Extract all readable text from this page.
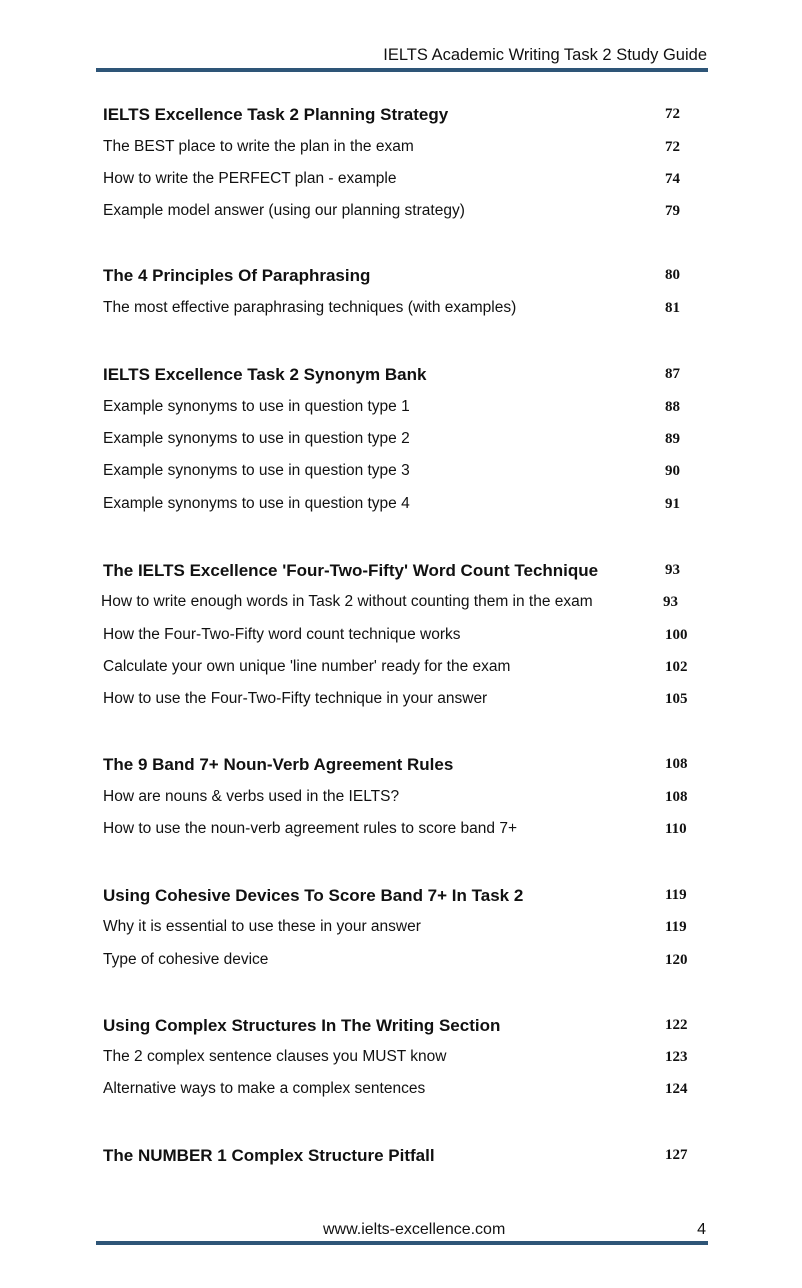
IELTS Academic Writing Task 2 Study Guide
IELTS Excellence Task 2 Planning Strategy	72
The BEST place to write the plan in the exam	72
How to write the PERFECT plan - example	74
Example model answer (using our planning strategy)	79
The 4 Principles Of Paraphrasing	80
The most effective paraphrasing techniques (with examples)	81
IELTS Excellence Task 2 Synonym Bank	87
Example synonyms to use in question type 1	88
Example synonyms to use in question type 2	89
Example synonyms to use in question type 3	90
Example synonyms to use in question type 4	91
The IELTS Excellence 'Four-Two-Fifty' Word Count Technique	93
How to write enough words in Task 2 without counting them in the exam	93
How the Four-Two-Fifty word count technique works	100
Calculate your own unique 'line number' ready for the exam	102
How to use the Four-Two-Fifty technique in your answer	105
The 9 Band 7+ Noun-Verb Agreement Rules	108
How are nouns & verbs used in the IELTS?	108
How to use the noun-verb agreement rules to score band 7+	110
Using Cohesive Devices To Score Band 7+ In Task 2	119
Why it is essential to use these in your answer	119
Type of cohesive device	120
Using Complex Structures In The Writing Section	122
The 2 complex sentence clauses you MUST know	123
Alternative ways to make a complex sentences	124
The NUMBER 1 Complex Structure Pitfall	127
www.ielts-excellence.com	4
